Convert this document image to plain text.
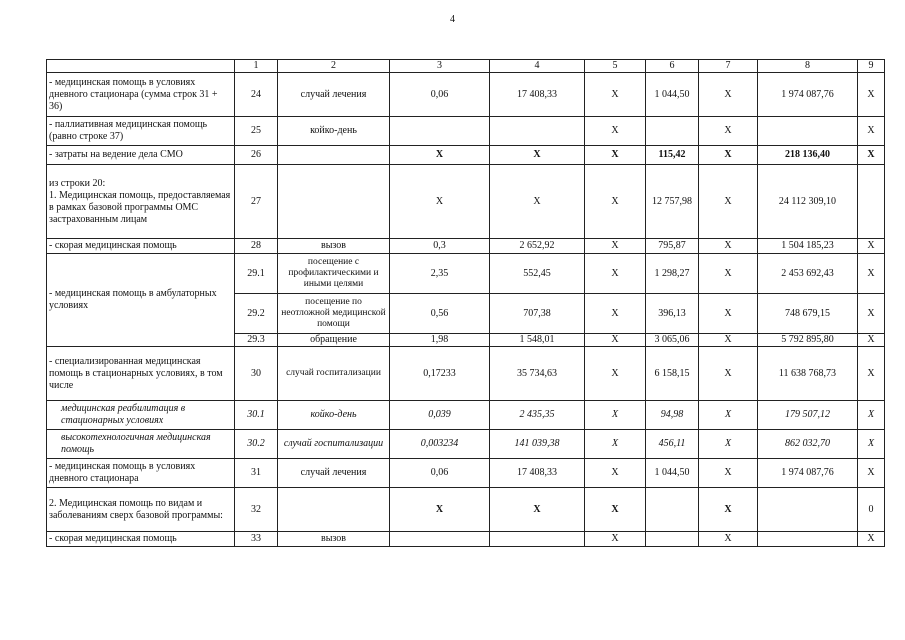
4
	1	2	3	4	5	6	7	8	9
- медицинская помощь в условиях дневного стационара (сумма строк 31 + 36)	24	случай лечения	0,06	17 408,33	X	1 044,50	X	1 974 087,76	X
- паллиативная медицинская помощь (равно строке 37)	25	койко-день			X		X		X
- затраты на ведение дела СМО	26		X	X	X	115,42	X	218 136,40	X
из строки 20:
1. Медицинская помощь, предоставляемая в рамках базовой программы ОМС застрахованным лицам	27		X	X	X	12 757,98	X	24 112 309,10	
- скорая медицинская помощь	28	вызов	0,3	2 652,92	X	795,87	X	1 504 185,23	X
- медицинская помощь в амбулаторных условиях	29.1	посещение с профилактическими и иными целями	2,35	552,45	X	1 298,27	X	2 453 692,43	X
	29.2	посещение по неотложной медицинской помощи	0,56	707,38	X	396,13	X	748 679,15	X
	29.3	обращение	1,98	1 548,01	X	3 065,06	X	5 792 895,80	X
- специализированная медицинская помощь в стационарных условиях, в том числе	30	случай госпитализации	0,17233	35 734,63	X	6 158,15	X	11 638 768,73	X
медицинская реабилитация в стационарных условиях	30.1	койко-день	0,039	2 435,35	X	94,98	X	179 507,12	X
высокотехнологичная медицинская помощь	30.2	случай госпитализации	0,003234	141 039,38	X	456,11	X	862 032,70	X
- медицинская помощь в условиях дневного стационара	31	случай лечения	0,06	17 408,33	X	1 044,50	X	1 974 087,76	X
2. Медицинская помощь по видам и заболеваниям сверх базовой программы:	32		X	X	X		X		0
- скорая медицинская помощь	33	вызов			X		X		X
